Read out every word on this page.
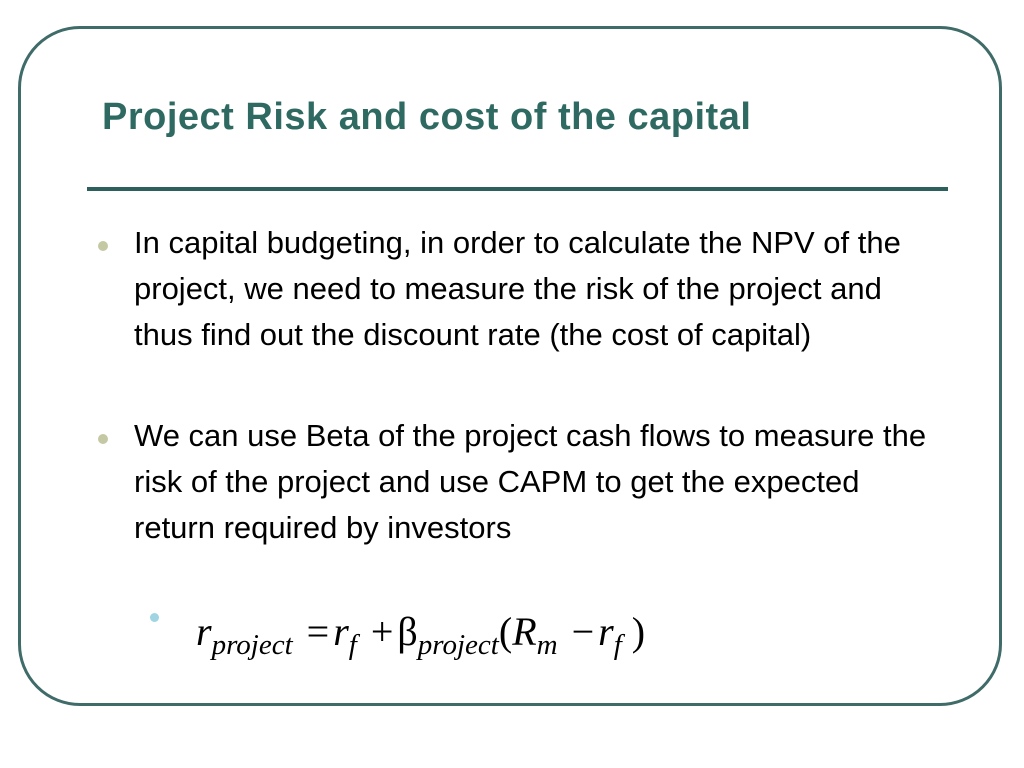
Project Risk and cost of the capital
In capital budgeting, in order to calculate the NPV of the project, we need to measure the risk of the project and thus find out the discount rate (the cost of capital)
We can use Beta of the project cash flows to measure the risk of the project and use CAPM to get the expected return required by investors
$r_{project} = r_f + \beta_{project}(R_m - r_f$ )
